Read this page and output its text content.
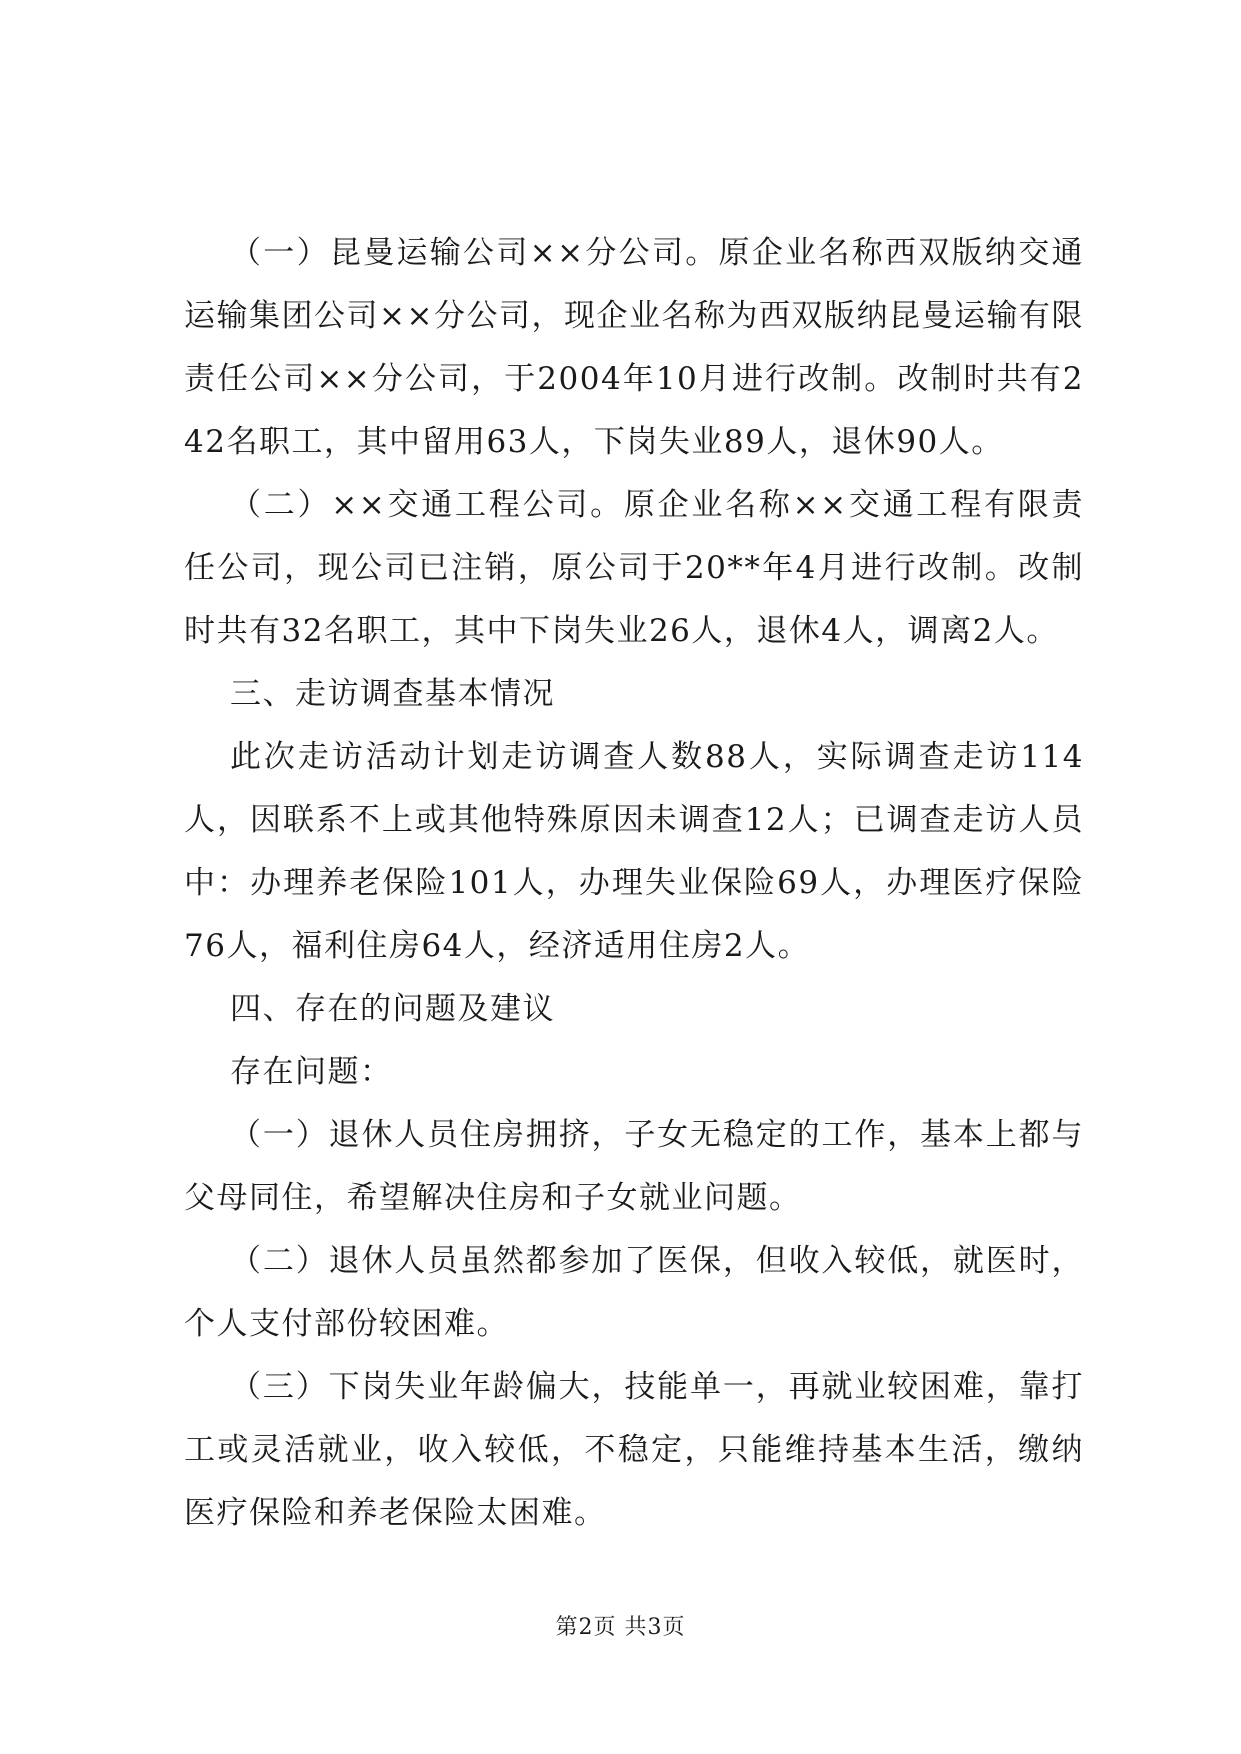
（一）昆曼运输公司××分公司。原企业名称西双版纳交通运输集团公司××分公司，现企业名称为西双版纳昆曼运输有限责任公司××分公司，于2004年10月进行改制。改制时共有242名职工，其中留用63人，下岗失业89人，退休90人。

（二）××交通工程公司。原企业名称××交通工程有限责任公司，现公司已注销，原公司于20**年4月进行改制。改制时共有32名职工，其中下岗失业26人，退休4人，调离2人。

三、走访调查基本情况

此次走访活动计划走访调查人数88人，实际调查走访114人，因联系不上或其他特殊原因未调查12人；已调查走访人员中：办理养老保险101人，办理失业保险69人，办理医疗保险76人，福利住房64人，经济适用住房2人。

四、存在的问题及建议

存在问题：

（一）退休人员住房拥挤，子女无稳定的工作，基本上都与父母同住，希望解决住房和子女就业问题。

（二）退休人员虽然都参加了医保，但收入较低，就医时，个人支付部份较困难。

（三）下岗失业年龄偏大，技能单一，再就业较困难，靠打工或灵活就业，收入较低，不稳定，只能维持基本生活，缴纳医疗保险和养老保险太困难。

第2页 共3页
